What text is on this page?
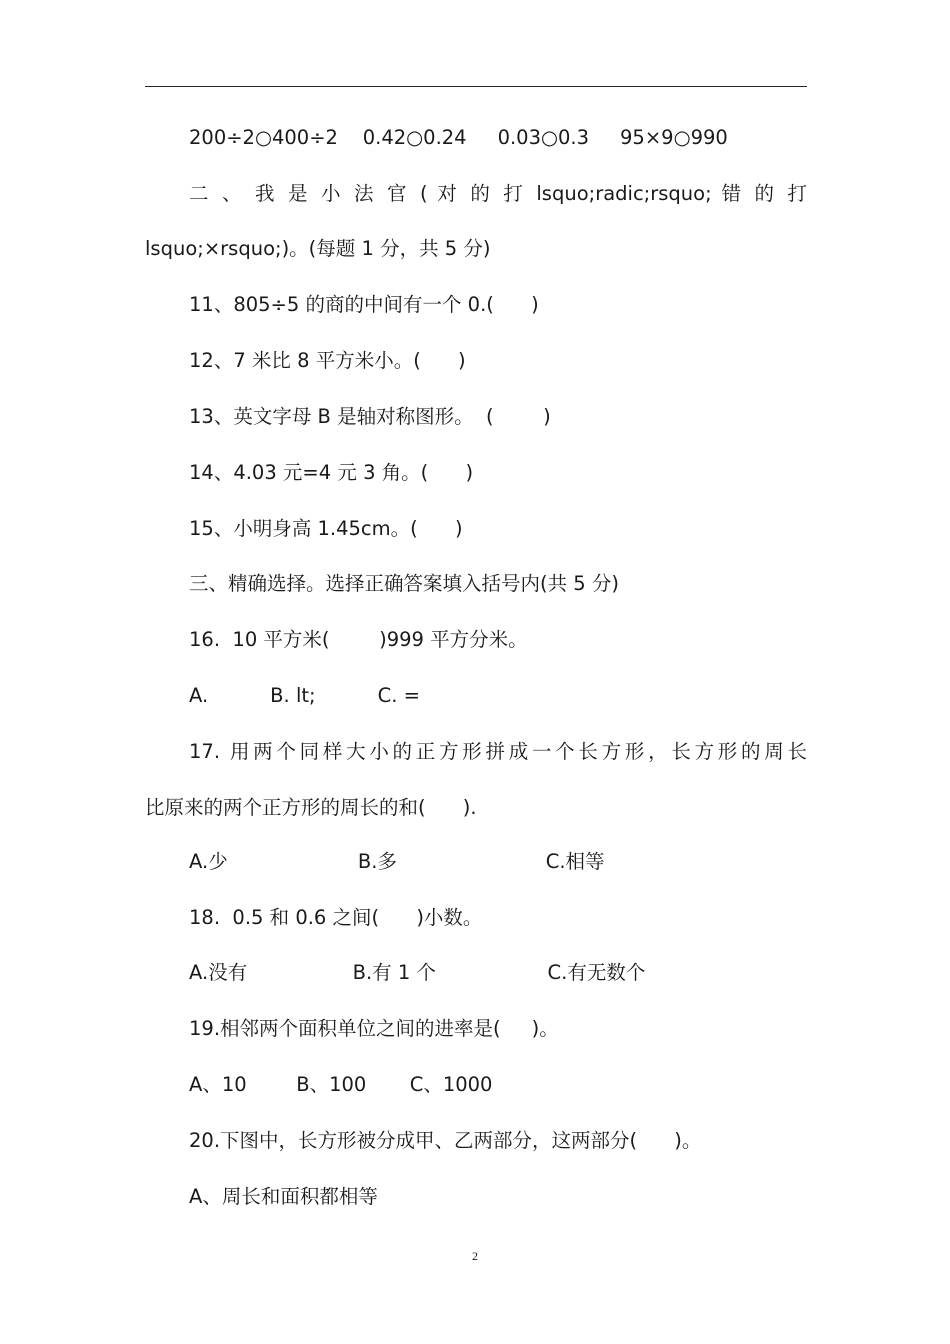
200÷2○400÷2    0.42○0.24     0.03○0.3     95×9○990
二 、 我 是 小 法 官 ( 对 的 打 lsquo;radic;rsquo; 错 的 打
lsquo;×rsquo;)。(每题 1 分，共 5 分)
11、805÷5 的商的中间有一个 0.(      )
12、7 米比 8 平方米小。(      )
13、英文字母 B 是轴对称图形。  (        )
14、4.03 元=4 元 3 角。(      )
15、小明身高 1.45cm。(      )
三、精确选择。选择正确答案填入括号内(共 5 分)
16.  10 平方米(        )999 平方分米。
A.          B. lt;          C. =
17. 用两个同样大小的正方形拼成一个长方形，长方形的周长
比原来的两个正方形的周长的和(      ).
A.少                     B.多                        C.相等
18.  0.5 和 0.6 之间(      )小数。
A.没有                 B.有 1 个                  C.有无数个
19.相邻两个面积单位之间的进率是(     )。
A、10        B、100       C、1000
20.下图中，长方形被分成甲、乙两部分，这两部分(      )。
A、周长和面积都相等
2
